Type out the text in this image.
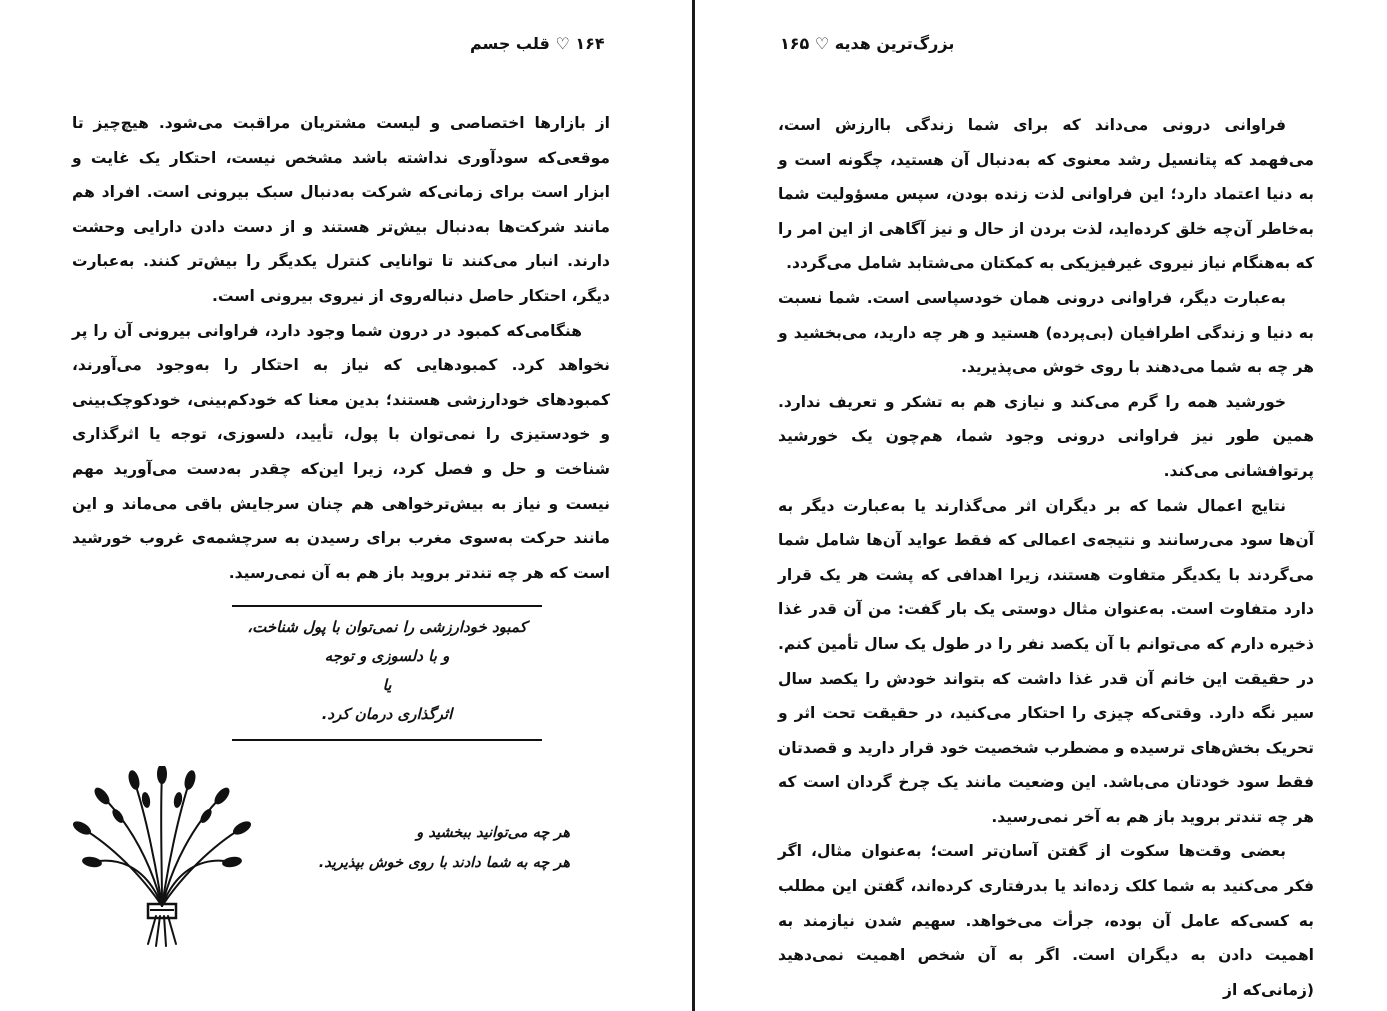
۱۶۴ ♡ قلب جسم

از بازارها اختصاصی و لیست مشتریان مراقبت می‌شود. هیچ‌چیز تا موقعی‌که سودآوری نداشته باشد مشخص نیست، احتکار یک غایت و ابزار است برای زمانی‌که شرکت به‌دنبال سبک بیرونی است. افراد هم مانند شرکت‌ها به‌دنبال بیش‌تر هستند و از دست دادن دارایی وحشت دارند. انبار می‌کنند تا توانایی کنترل یکدیگر را بیش‌تر کنند. به‌عبارت دیگر، احتکار حاصل دنباله‌روی از نیروی بیرونی است.

هنگامی‌که کمبود در درون شما وجود دارد، فراوانی بیرونی آن را پر نخواهد کرد. کمبودهایی که نیاز به احتکار را به‌وجود می‌آورند، کمبودهای خودارزشی هستند؛ بدین معنا که خودکم‌بینی، خودکوچک‌بینی و خودستیزی را نمی‌توان با پول، تأیید، دلسوزی، توجه یا اثرگذاری شناخت و حل و فصل کرد، زیرا این‌که چقدر به‌دست می‌آورید مهم نیست و نیاز به بیش‌ترخواهی هم چنان سرجایش باقی می‌ماند و این مانند حرکت به‌سوی مغرب برای رسیدن به سرچشمه‌ی غروب خورشید است که هر چه تندتر بروید باز هم به آن نمی‌رسید.

کمبود خودارزشی را نمی‌توان با پول شناخت،
و با دلسوزی و توجه
یا
اثرگذاری درمان کرد.
هر چه می‌توانید ببخشید و
هر چه به شما دادند با روی خوش بپذیرید.
بزرگ‌ترین هدیه ♡ ۱۶۵

فراوانی درونی می‌داند که برای شما زندگی باارزش است، می‌فهمد که پتانسیل رشد معنوی که به‌دنبال آن هستید، چگونه است و به دنیا اعتماد دارد؛ این فراوانی لذت زنده بودن، سپس مسؤولیت شما به‌خاطر آن‌چه خلق کرده‌اید، لذت بردن از حال و نیز آگاهی از این امر را که به‌هنگام نیاز نیروی غیرفیزیکی به کمکتان می‌شتابد شامل می‌گردد.

به‌عبارت دیگر، فراوانی درونی همان خودسپاسی است. شما نسبت به دنیا و زندگی اطرافیان (بی‌پرده) هستید و هر چه دارید، می‌بخشید و هر چه به شما می‌دهند با روی خوش می‌پذیرید.

خورشید همه را گرم می‌کند و نیازی هم به تشکر و تعریف ندارد. همین طور نیز فراوانی درونی وجود شما، هم‌چون یک خورشید پرتوافشانی می‌کند.

نتایج اعمال شما که بر دیگران اثر می‌گذارند یا به‌عبارت دیگر به آن‌ها سود می‌رسانند و نتیجه‌ی اعمالی که فقط عواید آن‌ها شامل شما می‌گردند با یکدیگر متفاوت هستند، زیرا اهدافی که پشت هر یک قرار دارد متفاوت است. به‌عنوان مثال دوستی یک بار گفت: من آن قدر غذا ذخیره دارم که می‌توانم با آن یکصد نفر را در طول یک سال تأمین کنم. در حقیقت این خانم آن قدر غذا داشت که بتواند خودش را یکصد سال سیر نگه دارد. وقتی‌که چیزی را احتکار می‌کنید، در حقیقت تحت اثر و تحریک بخش‌های ترسیده و مضطرب شخصیت خود قرار دارید و قصدتان فقط سود خودتان می‌باشد. این وضعیت مانند یک چرخ گردان است که هر چه تندتر بروید باز هم به آخر نمی‌رسید.

بعضی وقت‌ها سکوت از گفتن آسان‌تر است؛ به‌عنوان مثال، اگر فکر می‌کنید به شما کلک زده‌اند یا بدرفتاری کرده‌اند، گفتن این مطلب به کسی‌که عامل آن بوده، جرأت می‌خواهد. سهیم شدن نیازمند به اهمیت دادن به دیگران است. اگر به آن شخص اهمیت نمی‌دهید (زمانی‌که از
